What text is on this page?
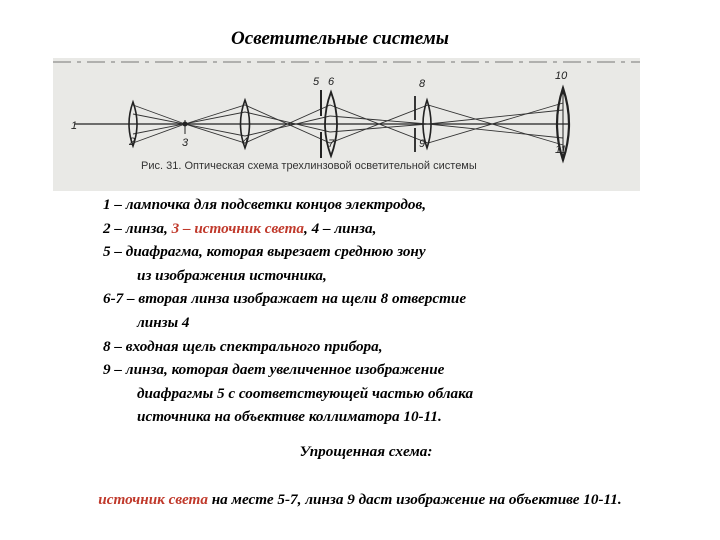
Осветительные системы
1
2	3	4
5 6
7
8
9
10
11
Рис. 31. Оптическая схема трехлинзовой осветительной системы
1 – лампочка для подсветки концов электродов,
2 – линза, 3 – источник света, 4 – линза,
5 – диафрагма, которая вырезает среднюю зону
из изображения источника,
6-7 – вторая линза изображает на щели 8 отверстие
линзы 4
8 – входная щель спектрального прибора,
9 – линза, которая дает увеличенное изображение
диафрагмы 5 с соответствующей частью облака
источника на объективе коллиматора 10-11.
Упрощенная схема:
источник света на месте 5-7, линза 9 даст изображение на объективе 10-11.
